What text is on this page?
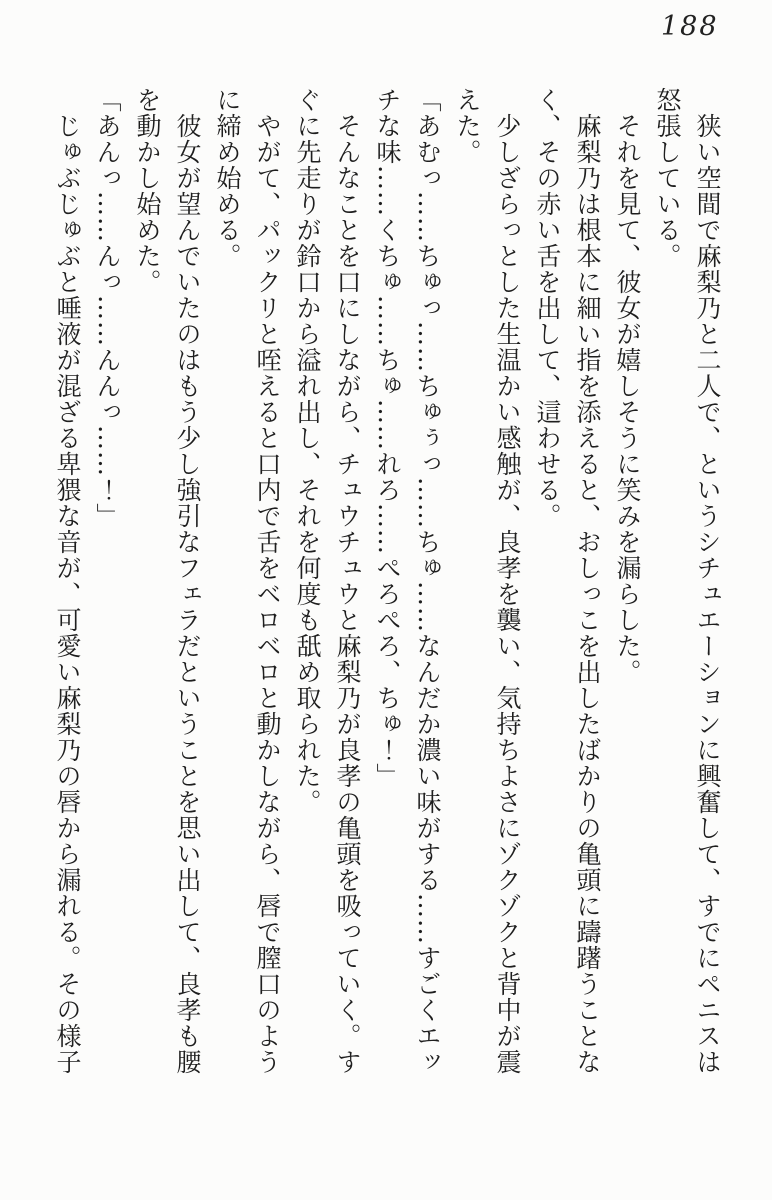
188
狭い空間で麻梨乃と二人で、というシチュエーションに興奮して、すでにペニスは
怒張している。
それを見て、彼女が嬉しそうに笑みを漏らした。
麻梨乃は根本に細い指を添えると、おしっこを出したばかりの亀頭に躊躇うことな
く、その赤い舌を出して、這わせる。
少しざらっとした生温かい感触が、良孝を襲い、気持ちよさにゾクゾクと背中が震
えた。
「あむっ……ちゅっ……ちゅぅっ……ちゅ……なんだか濃い味がする……すごくエッ
チな味……くちゅ……ちゅ……れろ……ぺろぺろ、ちゅ！」
そんなことを口にしながら、チュウチュウと麻梨乃が良孝の亀頭を吸っていく。す
ぐに先走りが鈴口から溢れ出し、それを何度も舐め取られた。
やがて、パックリと咥えると口内で舌をベロベロと動かしながら、唇で膣口のよう
に締め始める。
彼女が望んでいたのはもう少し強引なフェラだということを思い出して、良孝も腰
を動かし始めた。
「あんっ……んっ……んんっ……！」
じゅぶじゅぶと唾液が混ざる卑猥な音が、可愛い麻梨乃の唇から漏れる。その様子
